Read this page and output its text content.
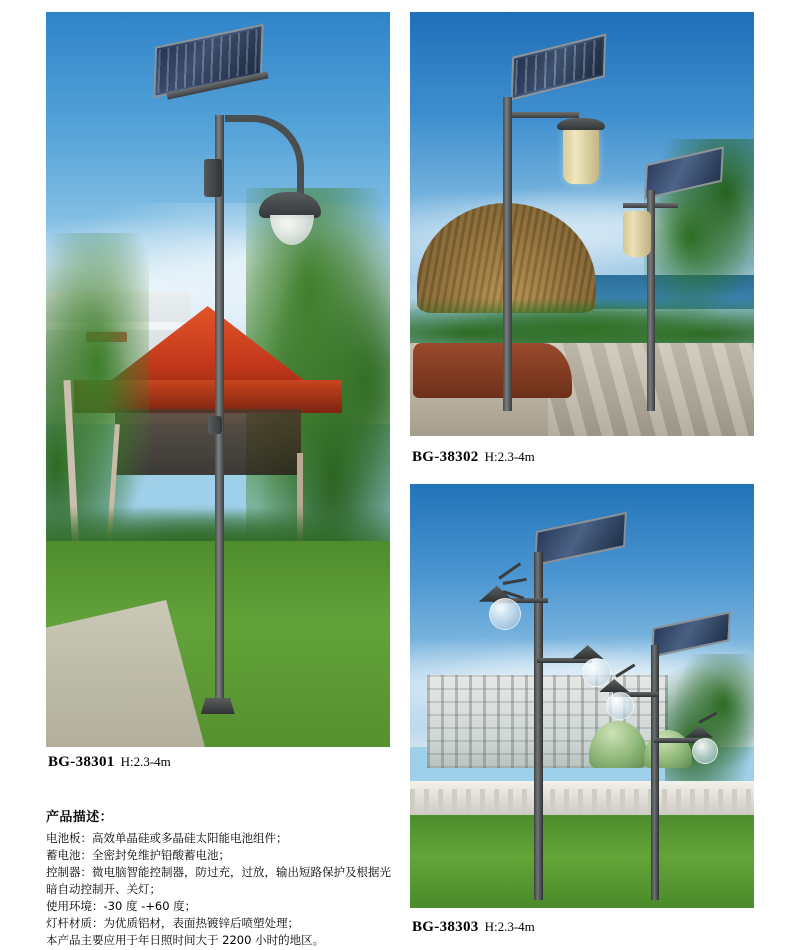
BG-38301 H:2.3-4m
BG-38302 H:2.3-4m
BG-38303 H:2.3-4m
产品描述：
电池板：高效单晶硅或多晶硅太阳能电池组件；
蓄电池：全密封免维护铅酸蓄电池；
控制器：微电脑智能控制器，防过充，过放，输出短路保护及根据光
暗自动控制开、关灯；
使用环境：-30 度 -+60 度；
灯杆材质：为优质铝材，表面热镀锌后喷塑处理；
本产品主要应用于年日照时间大于 2200 小时的地区。
